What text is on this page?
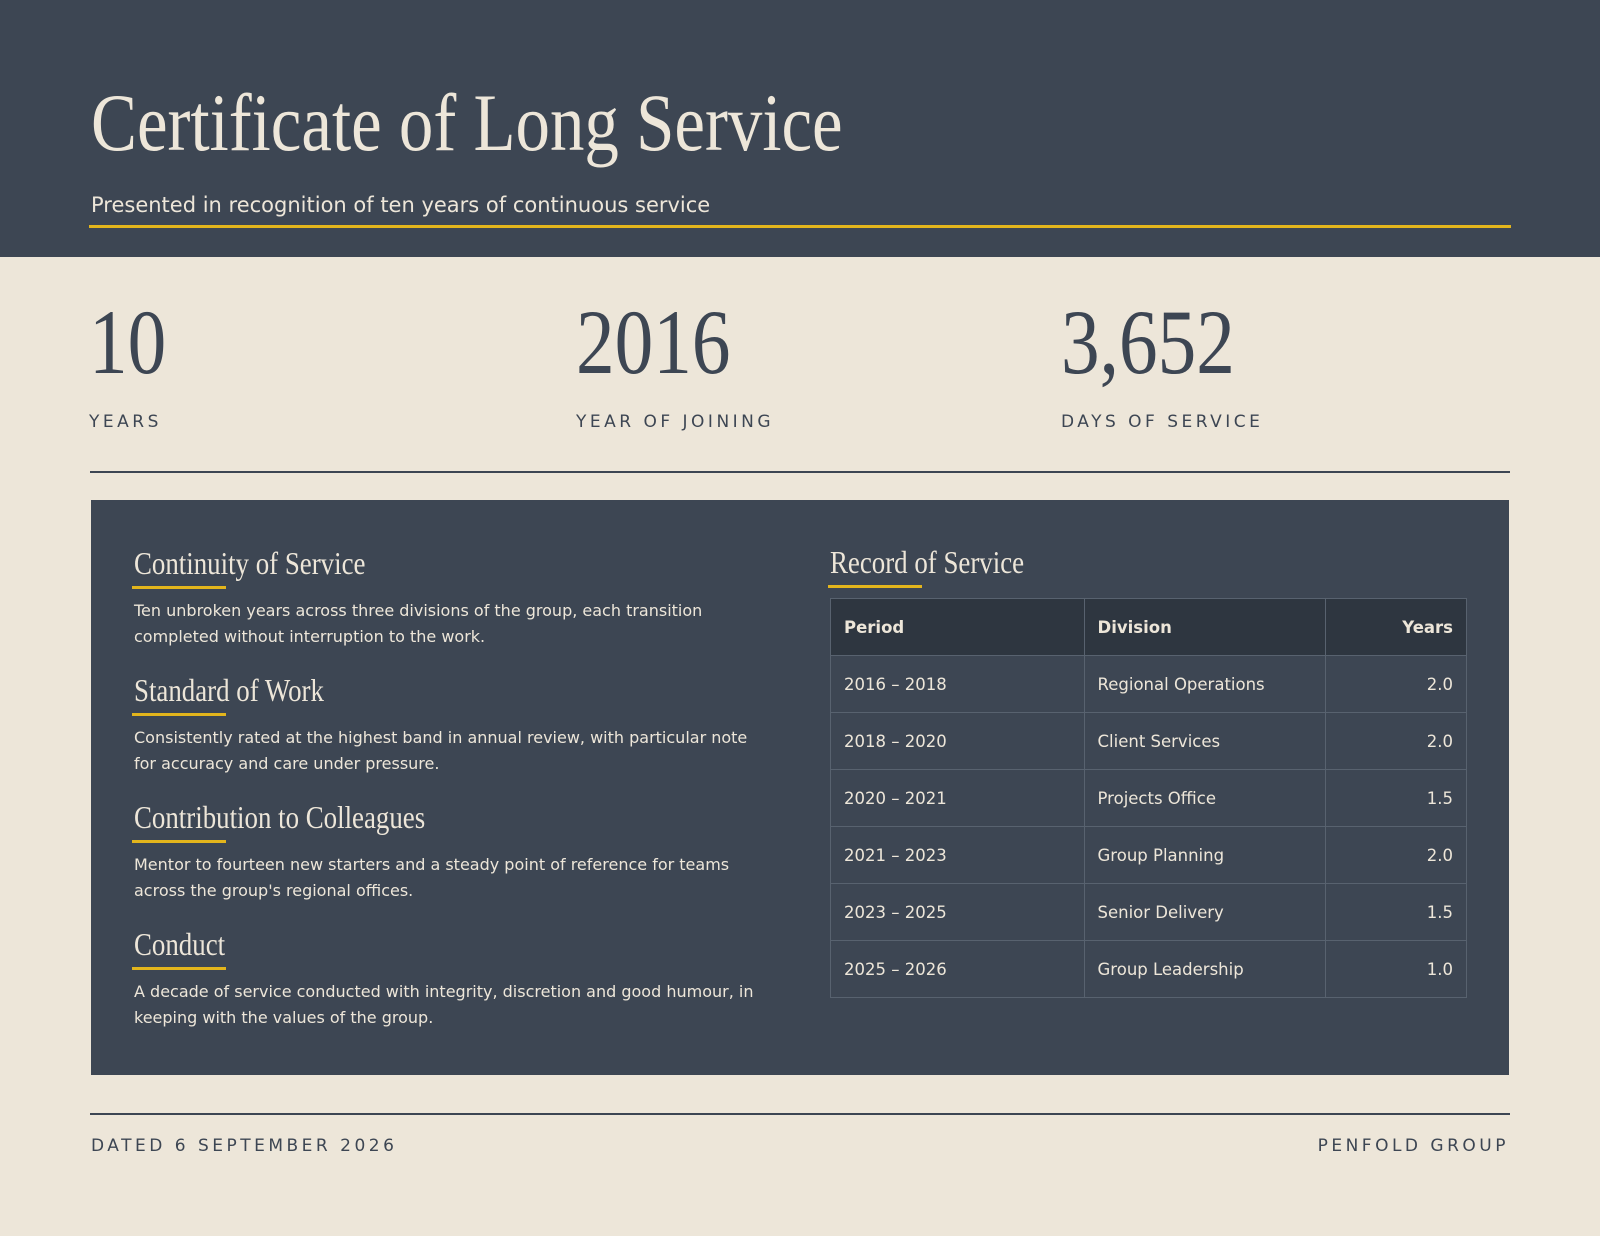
Certificate of Long Service
Presented in recognition of ten years of continuous service
10
YEARS
2016
YEAR OF JOINING
3,652
DAYS OF SERVICE
Continuity of Service
Ten unbroken years across three divisions of the group, each transition completed without interruption to the work.
Standard of Work
Consistently rated at the highest band in annual review, with particular note for accuracy and care under pressure.
Contribution to Colleagues
Mentor to fourteen new starters and a steady point of reference for teams across the group's regional offices.
Conduct
A decade of service conducted with integrity, discretion and good humour, in keeping with the values of the group.
Record of Service
Period	Division	Years
2016 – 2018	Regional Operations	2.0
2018 – 2020	Client Services	2.0
2020 – 2021	Projects Office	1.5
2021 – 2023	Group Planning	2.0
2023 – 2025	Senior Delivery	1.5
2025 – 2026	Group Leadership	1.0
DATED 6 SEPTEMBER 2026	PENFOLD GROUP
